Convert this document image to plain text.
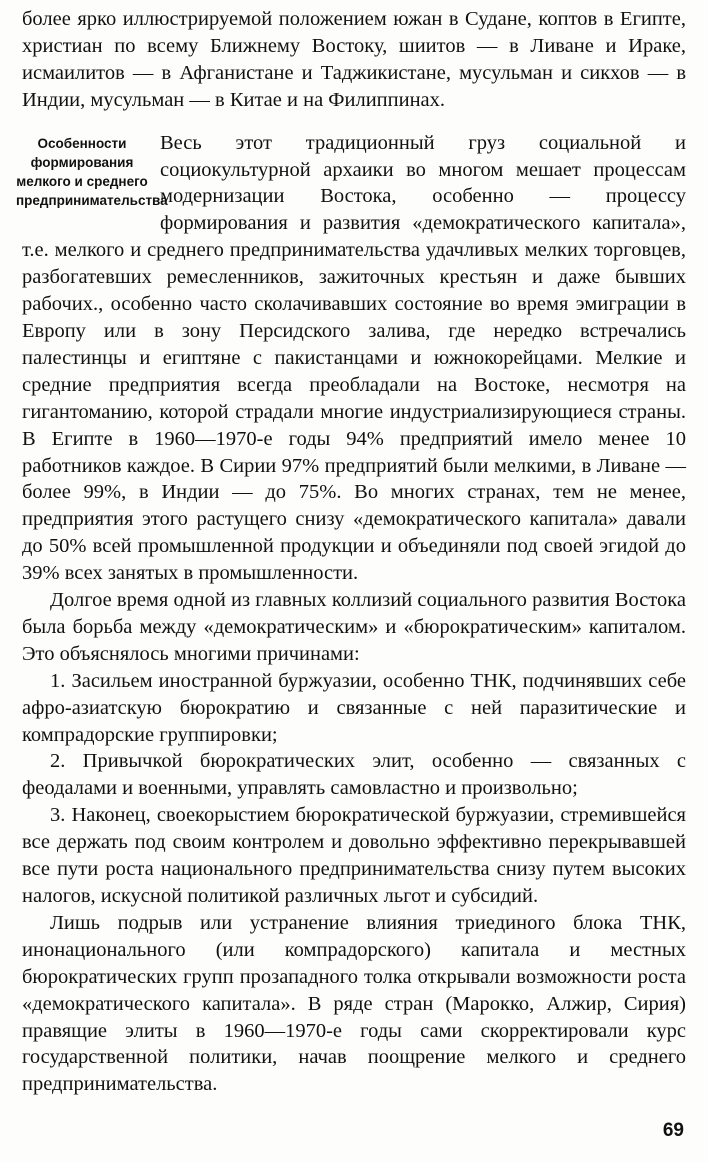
более ярко иллюстрируемой положением южан в Судане, коптов в Египте, христиан по всему Ближнему Востоку, шиитов — в Ливане и Ираке, исмаилитов — в Афганистане и Таджикистане, мусульман и сикхов — в Индии, мусульман — в Китае и на Филиппинах.

Особенности формирования мелкого и среднего предпринимательства

Весь этот традиционный груз социальной и социокультурной архаики во многом мешает процессам модернизации Востока, особенно — процессу формирования и развития «демократического капитала», т.е. мелкого и среднего предпринимательства удачливых мелких торговцев, разбогатевших ремесленников, зажиточных крестьян и даже бывших рабочих., особенно часто сколачивавших состояние во время эмиграции в Европу или в зону Персидского залива, где нередко встречались палестинцы и египтяне с пакистанцами и южнокорейцами. Мелкие и средние предприятия всегда преобладали на Востоке, несмотря на гигантоманию, которой страдали многие индустриализирующиеся страны. В Египте в 1960—1970-е годы 94% предприятий имело менее 10 работников каждое. В Сирии 97% предприятий были мелкими, в Ливане — более 99%, в Индии — до 75%. Во многих странах, тем не менее, предприятия этого растущего снизу «демократического капитала» давали до 50% всей промышленной продукции и объединяли под своей эгидой до 39% всех занятых в промышленности.

Долгое время одной из главных коллизий социального развития Востока была борьба между «демократическим» и «бюрократическим» капиталом. Это объяснялось многими причинами:

1. Засильем иностранной буржуазии, особенно ТНК, подчинявших себе афро-азиатскую бюрократию и связанные с ней паразитические и компрадорские группировки;

2. Привычкой бюрократических элит, особенно — связанных с феодалами и военными, управлять самовластно и произвольно;

3. Наконец, своекорыстием бюрократической буржуазии, стремившейся все держать под своим контролем и довольно эффективно перекрывавшей все пути роста национального предпринимательства снизу путем высоких налогов, искусной политикой различных льгот и субсидий.

Лишь подрыв или устранение влияния триединого блока ТНК, инонационального (или компрадорского) капитала и местных бюрократических групп прозападного толка открывали возможности роста «демократического капитала». В ряде стран (Марокко, Алжир, Сирия) правящие элиты в 1960—1970-е годы сами скорректировали курс государственной политики, начав поощрение мелкого и среднего предпринимательства.

69
